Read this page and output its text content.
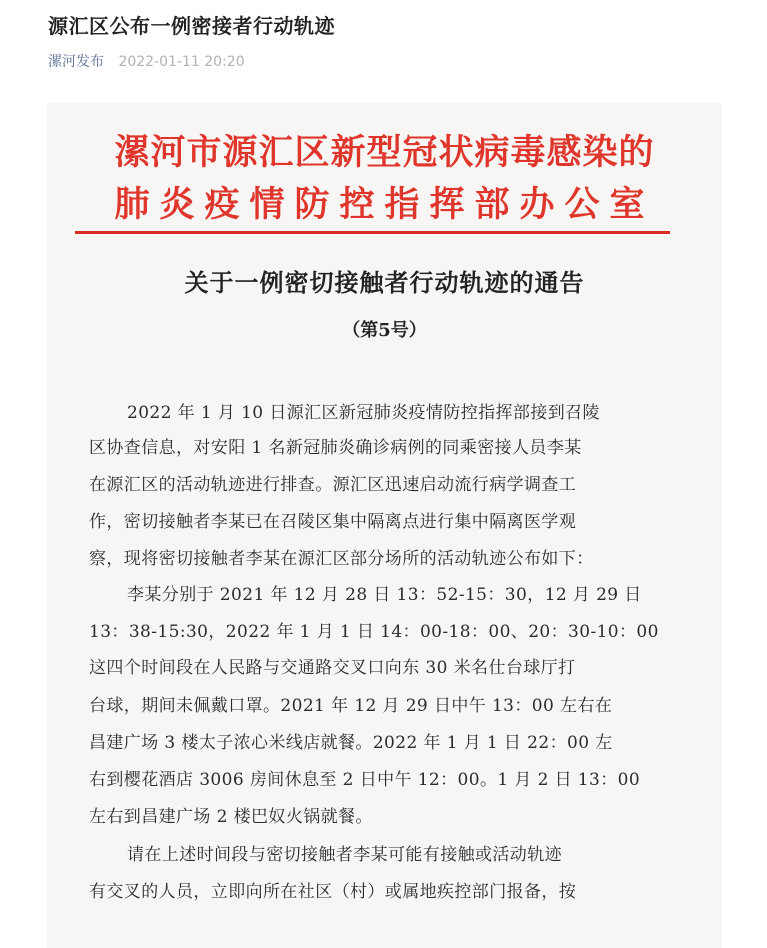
源汇区公布一例密接者行动轨迹
漯河发布 2022-01-11 20:20
漯河市源汇区新型冠状病毒感染的
肺炎疫情防控指挥部办公室
关于一例密切接触者行动轨迹的通告
（第5号）
2022 年 1 月 10 日源汇区新冠肺炎疫情防控指挥部接到召陵
区协查信息，对安阳 1 名新冠肺炎确诊病例的同乘密接人员李某
在源汇区的活动轨迹进行排查。源汇区迅速启动流行病学调查工
作，密切接触者李某已在召陵区集中隔离点进行集中隔离医学观
察，现将密切接触者李某在源汇区部分场所的活动轨迹公布如下：
李某分别于 2021 年 12 月 28 日 13：52-15：30，12 月 29 日
13：38-15:30，2022 年 1 月 1 日 14：00-18：00、20：30-10：00
这四个时间段在人民路与交通路交叉口向东 30 米名仕台球厅打
台球，期间未佩戴口罩。2021 年 12 月 29 日中午 13：00 左右在
昌建广场 3 楼太子浓心米线店就餐。2022 年 1 月 1 日 22：00 左
右到樱花酒店 3006 房间休息至 2 日中午 12：00。1 月 2 日 13：00
左右到昌建广场 2 楼巴奴火锅就餐。
请在上述时间段与密切接触者李某可能有接触或活动轨迹
有交叉的人员，立即向所在社区（村）或属地疾控部门报备，按
